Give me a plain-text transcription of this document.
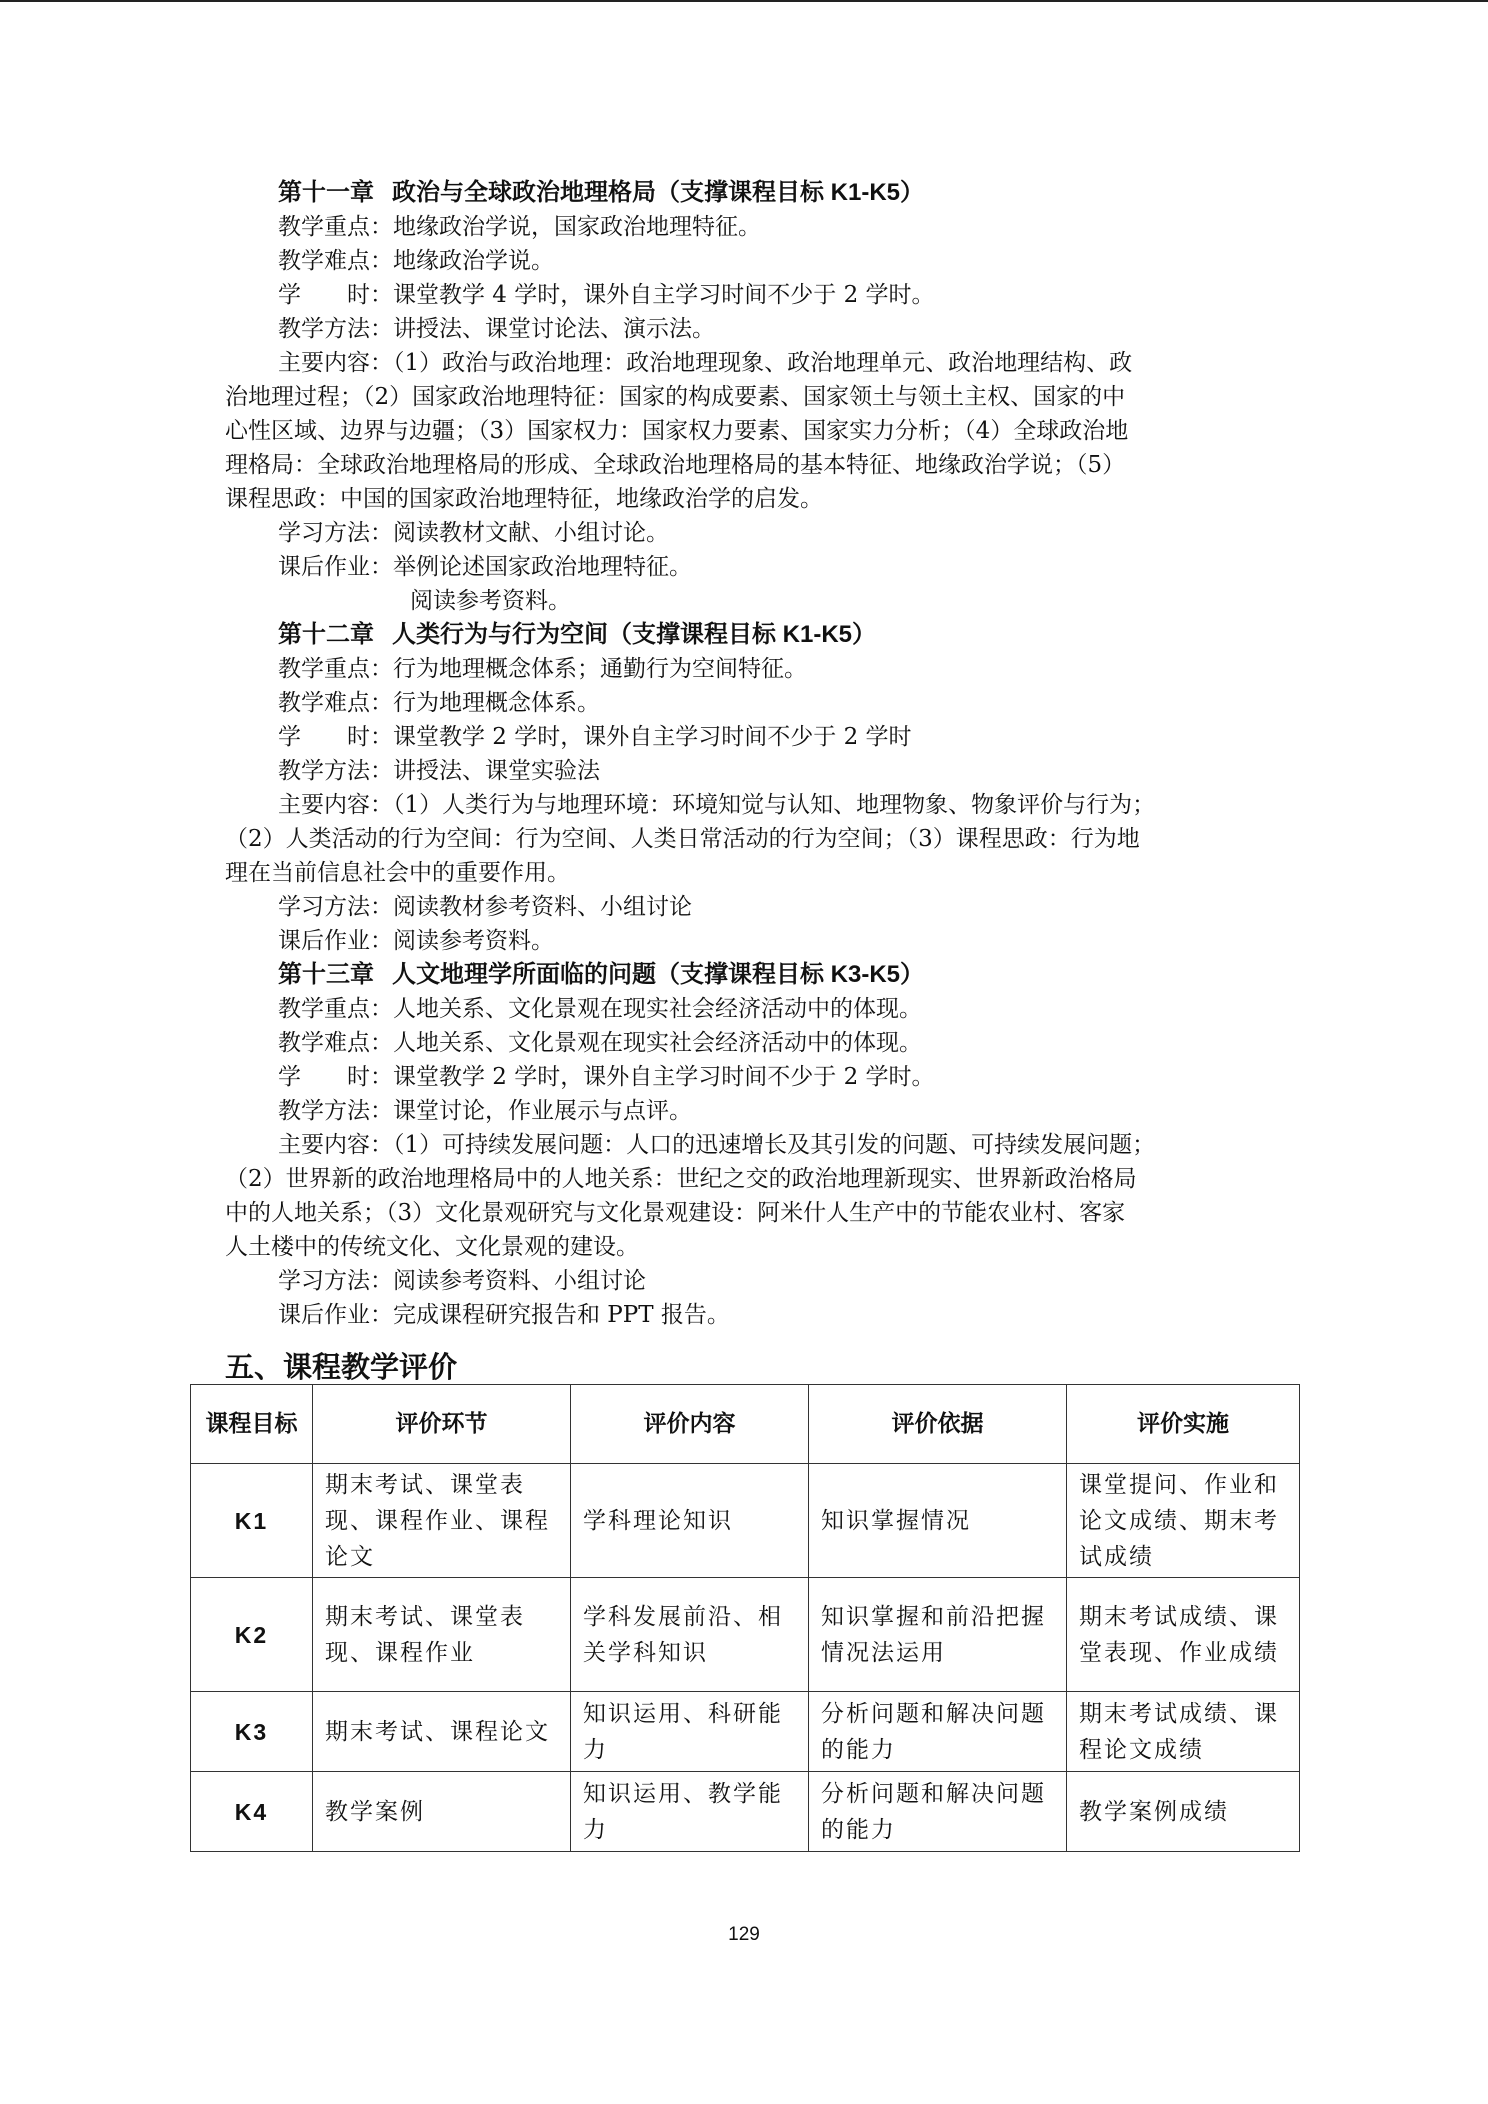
第十一章 政治与全球政治地理格局（支撑课程目标 K1-K5）
教学重点：地缘政治学说，国家政治地理特征。
教学难点：地缘政治学说。
学　　时：课堂教学 4 学时，课外自主学习时间不少于 2 学时。
教学方法：讲授法、课堂讨论法、演示法。
主要内容：（1）政治与政治地理：政治地理现象、政治地理单元、政治地理结构、政
治地理过程；（2）国家政治地理特征：国家的构成要素、国家领土与领土主权、国家的中
心性区域、边界与边疆；（3）国家权力：国家权力要素、国家实力分析；（4）全球政治地
理格局：全球政治地理格局的形成、全球政治地理格局的基本特征、地缘政治学说；（5）
课程思政：中国的国家政治地理特征，地缘政治学的启发。
学习方法：阅读教材文献、小组讨论。
课后作业：举例论述国家政治地理特征。
阅读参考资料。
第十二章 人类行为与行为空间（支撑课程目标 K1-K5）
教学重点：行为地理概念体系；通勤行为空间特征。
教学难点：行为地理概念体系。
学　　时：课堂教学 2 学时，课外自主学习时间不少于 2 学时
教学方法：讲授法、课堂实验法
主要内容：（1）人类行为与地理环境：环境知觉与认知、地理物象、物象评价与行为；
（2）人类活动的行为空间：行为空间、人类日常活动的行为空间；（3）课程思政：行为地
理在当前信息社会中的重要作用。
学习方法：阅读教材参考资料、小组讨论
课后作业：阅读参考资料。
第十三章 人文地理学所面临的问题（支撑课程目标 K3-K5）
教学重点：人地关系、文化景观在现实社会经济活动中的体现。
教学难点：人地关系、文化景观在现实社会经济活动中的体现。
学　　时：课堂教学 2 学时，课外自主学习时间不少于 2 学时。
教学方法：课堂讨论，作业展示与点评。
主要内容：（1）可持续发展问题：人口的迅速增长及其引发的问题、可持续发展问题；
（2）世界新的政治地理格局中的人地关系：世纪之交的政治地理新现实、世界新政治格局
中的人地关系；（3）文化景观研究与文化景观建设：阿米什人生产中的节能农业村、客家
人土楼中的传统文化、文化景观的建设。
学习方法：阅读参考资料、小组讨论
课后作业：完成课程研究报告和 PPT 报告。
五、课程教学评价
课程目标	评价环节	评价内容	评价依据	评价实施
K1	期末考试、课堂表现、课程作业、课程论文	学科理论知识	知识掌握情况	课堂提问、作业和论文成绩、期末考试成绩
K2	期末考试、课堂表现、课程作业	学科发展前沿、相关学科知识	知识掌握和前沿把握情况法运用	期末考试成绩、课堂表现、作业成绩
K3	期末考试、课程论文	知识运用、科研能力	分析问题和解决问题的能力	期末考试成绩、课程论文成绩
K4	教学案例	知识运用、教学能力	分析问题和解决问题的能力	教学案例成绩
129
